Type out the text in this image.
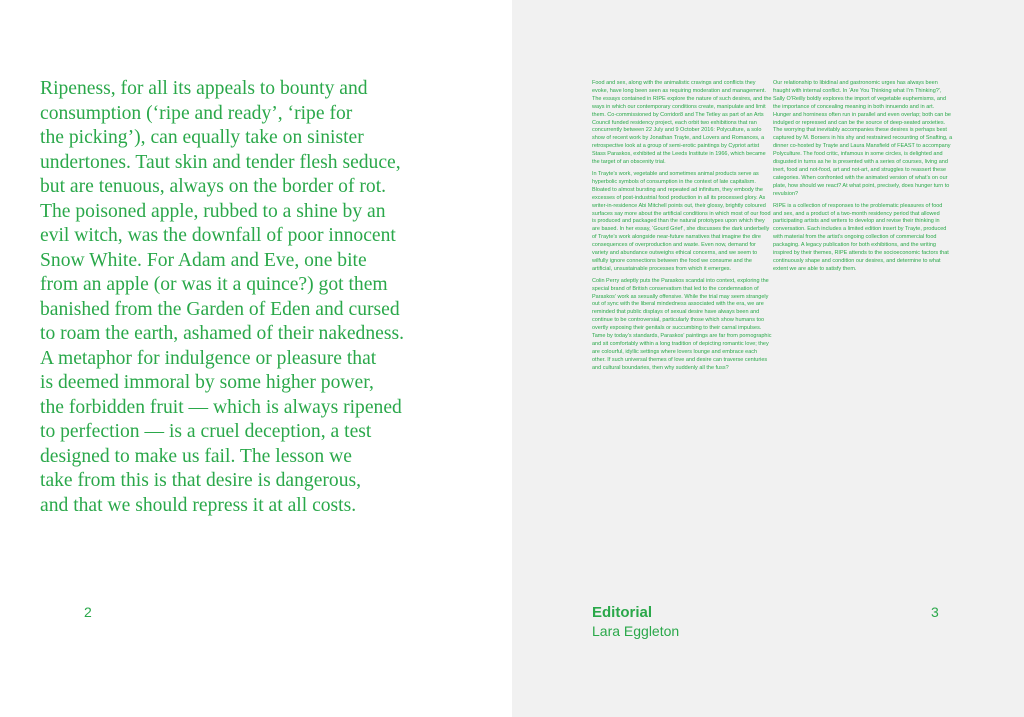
Ripeness, for all its appeals to bounty and
consumption (‘ripe and ready’, ‘ripe for
the picking’), can equally take on sinister
undertones. Taut skin and tender flesh seduce,
but are tenuous, always on the border of rot.
The poisoned apple, rubbed to a shine by an
evil witch, was the downfall of poor innocent
Snow White. For Adam and Eve, one bite
from an apple (or was it a quince?) got them
banished from the Garden of Eden and cursed
to roam the earth, ashamed of their nakedness.
A metaphor for indulgence or pleasure that
is deemed immoral by some higher power,
the forbidden fruit — which is always ripened
to perfection — is a cruel deception, a test
designed to make us fail. The lesson we
take from this is that desire is dangerous,
and that we should repress it at all costs.
2

Food and sex, along with the animalistic cravings and conflicts they evoke, have long been seen as requiring moderation and management. The essays contained in RIPE explore the nature of such desires, and the ways in which our contemporary conditions create, manipulate and limit them. Co-commissioned by Corridor8 and The Tetley as part of an Arts Council funded residency project, each orbit two exhibitions that ran concurrently between 22 July and 9 October 2016: Polyculture, a solo show of recent work by Jonathan Trayte, and Lovers and Romances, a retrospective look at a group of semi-erotic paintings by Cypriot artist Stass Paraskos, exhibited at the Leeds Institute in 1966, which became the target of an obscenity trial.

In Trayte’s work, vegetable and sometimes animal products serve as hyperbolic symbols of consumption in the context of late capitalism. Bloated to almost bursting and repeated ad infinitum, they embody the excesses of post-industrial food production in all its processed glory. As writer-in-residence Abi Mitchell points out, their glossy, brightly coloured surfaces say more about the artificial conditions in which most of our food is produced and packaged than the natural prototypes upon which they are based. In her essay, ‘Gourd Grief’, she discusses the dark underbelly of Trayte’s work alongside near-future narratives that imagine the dire consequences of overproduction and waste. Even now, demand for variety and abundance outweighs ethical concerns, and we seem to wilfully ignore connections between the food we consume and the artificial, unsustainable processes from which it emerges.

Colin Perry adeptly puts the Paraskos scandal into context, exploring the special brand of British conservatism that led to the condemnation of Paraskos’ work as sexually offensive. While the trial may seem strangely out of sync with the liberal mindedness associated with the era, we are reminded that public displays of sexual desire have always been and continue to be controversial, particularly those which show humans too overtly exposing their genitals or succumbing to their carnal impulses. Tame by today’s standards, Paraskos’ paintings are far from pornographic and sit comfortably within a long tradition of depicting romantic love; they are colourful, idyllic settings where lovers lounge and embrace each other. If such universal themes of love and desire can traverse centuries and cultural boundaries, then why suddenly all the fuss?

Our relationship to libidinal and gastronomic urges has always been fraught with internal conflict. In ‘Are You Thinking what I’m Thinking?’, Sally O’Reilly boldly explores the import of vegetable euphemisms, and the importance of concealing meaning in both innuendo and in art. Hunger and horniness often run in parallel and even overlap; both can be indulged or repressed and can be the source of deep-seated anxieties. The worrying that inevitably accompanies these desires is perhaps best captured by M. Borsers in his shy and restrained recounting of Snafting, a dinner co-hosted by Trayte and Laura Mansfield of FEAST to accompany Polyculture. The food critic, infamous in some circles, is delighted and disgusted in turns as he is presented with a series of courses, living and inert, food and not-food, art and not-art, and struggles to reassert these categories. When confronted with the animated version of what’s on our plate, how should we react? At what point, precisely, does hunger turn to revulsion?

RIPE is a collection of responses to the problematic pleasures of food and sex, and a product of a two-month residency period that allowed participating artists and writers to develop and revise their thinking in conversation. Each includes a limited edition insert by Trayte, produced with material from the artist’s ongoing collection of commercial food packaging. A legacy publication for both exhibitions, and the writing inspired by their themes, RIPE attends to the socioeconomic factors that continuously shape and condition our desires, and determine to what extent we are able to satisfy them.

Editorial
Lara Eggleton
3
